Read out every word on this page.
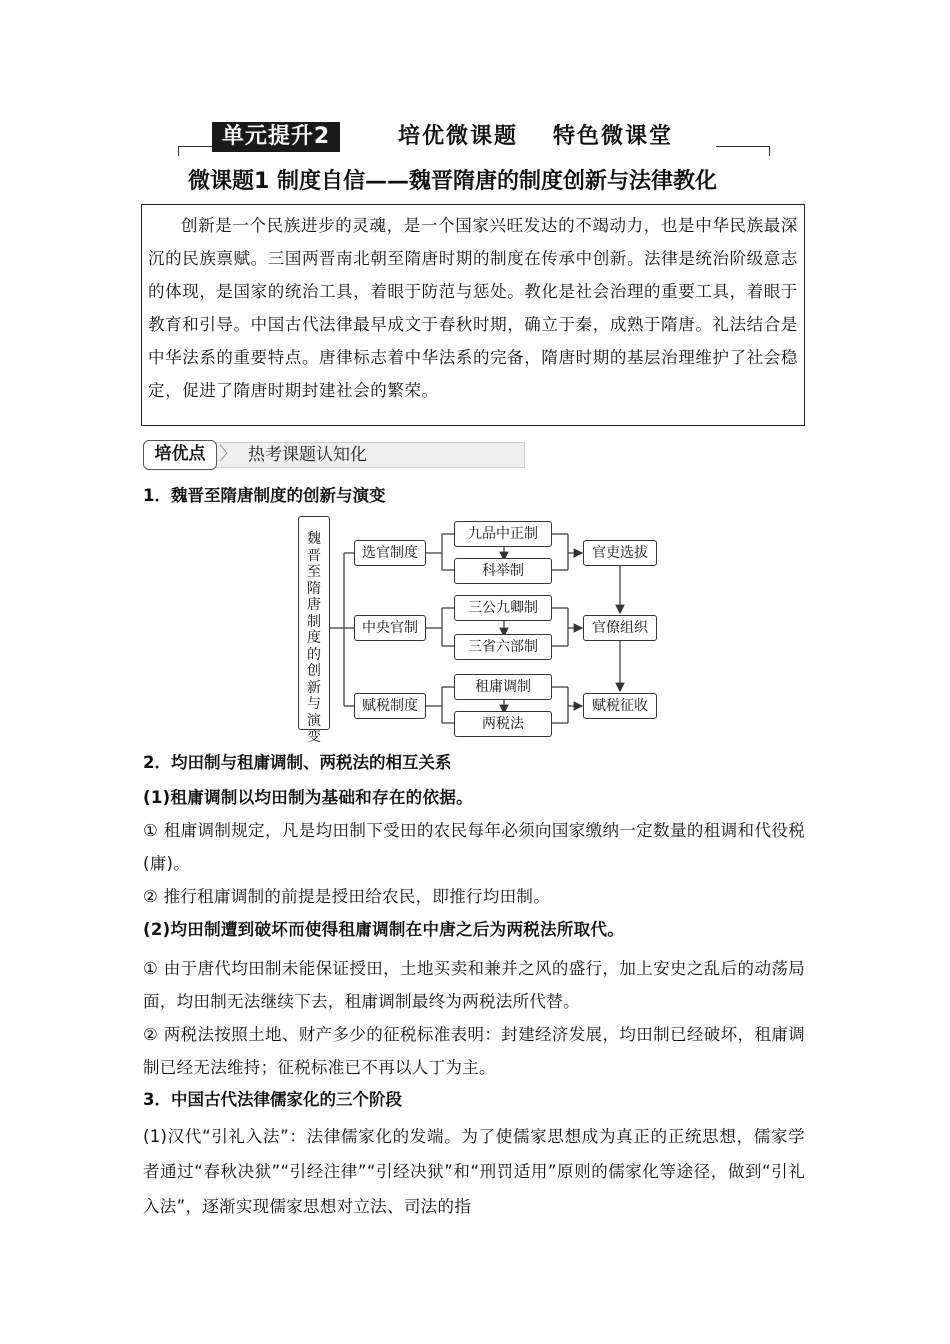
单元提升2	培优微课题 特色微课堂
微课题1 制度自信——魏晋隋唐的制度创新与法律教化

创新是一个民族进步的灵魂，是一个国家兴旺发达的不竭动力，也是中华民族最深沉的民族禀赋。三国两晋南北朝至隋唐时期的制度在传承中创新。法律是统治阶级意志的体现，是国家的统治工具，着眼于防范与惩处。教化是社会治理的重要工具，着眼于教育和引导。中国古代法律最早成文于春秋时期，确立于秦，成熟于隋唐。礼法结合是中华法系的重要特点。唐律标志着中华法系的完备，隋唐时期的基层治理维护了社会稳定，促进了隋唐时期封建社会的繁荣。

培优点 〉 热考课题认知化
1．魏晋至隋唐制度的创新与演变
魏
晋
至
隋
唐
制
度
的
创
新
与
演
变
选官制度
中央官制
赋税制度
九品中正制
科举制
三公九卿制
三省六部制
租庸调制
两税法
官吏选拔
官僚组织
赋税征收
2．均田制与租庸调制、两税法的相互关系

(1)租庸调制以均田制为基础和存在的依据。

① 租庸调制规定，凡是均田制下受田的农民每年必须向国家缴纳一定数量的租调和代役税(庸)。

② 推行租庸调制的前提是授田给农民，即推行均田制。

(2)均田制遭到破坏而使得租庸调制在中唐之后为两税法所取代。

① 由于唐代均田制未能保证授田，土地买卖和兼并之风的盛行，加上安史之乱后的动荡局面，均田制无法继续下去，租庸调制最终为两税法所代替。

② 两税法按照土地、财产多少的征税标准表明：封建经济发展，均田制已经破坏，租庸调制已经无法维持；征税标准已不再以人丁为主。

3．中国古代法律儒家化的三个阶段

(1)汉代“引礼入法”：法律儒家化的发端。为了使儒家思想成为真正的正统思想，儒家学者通过“春秋决狱”“引经注律”“引经决狱”和“刑罚适用”原则的儒家化等途径，做到“引礼入法”，逐渐实现儒家思想对立法、司法的指
